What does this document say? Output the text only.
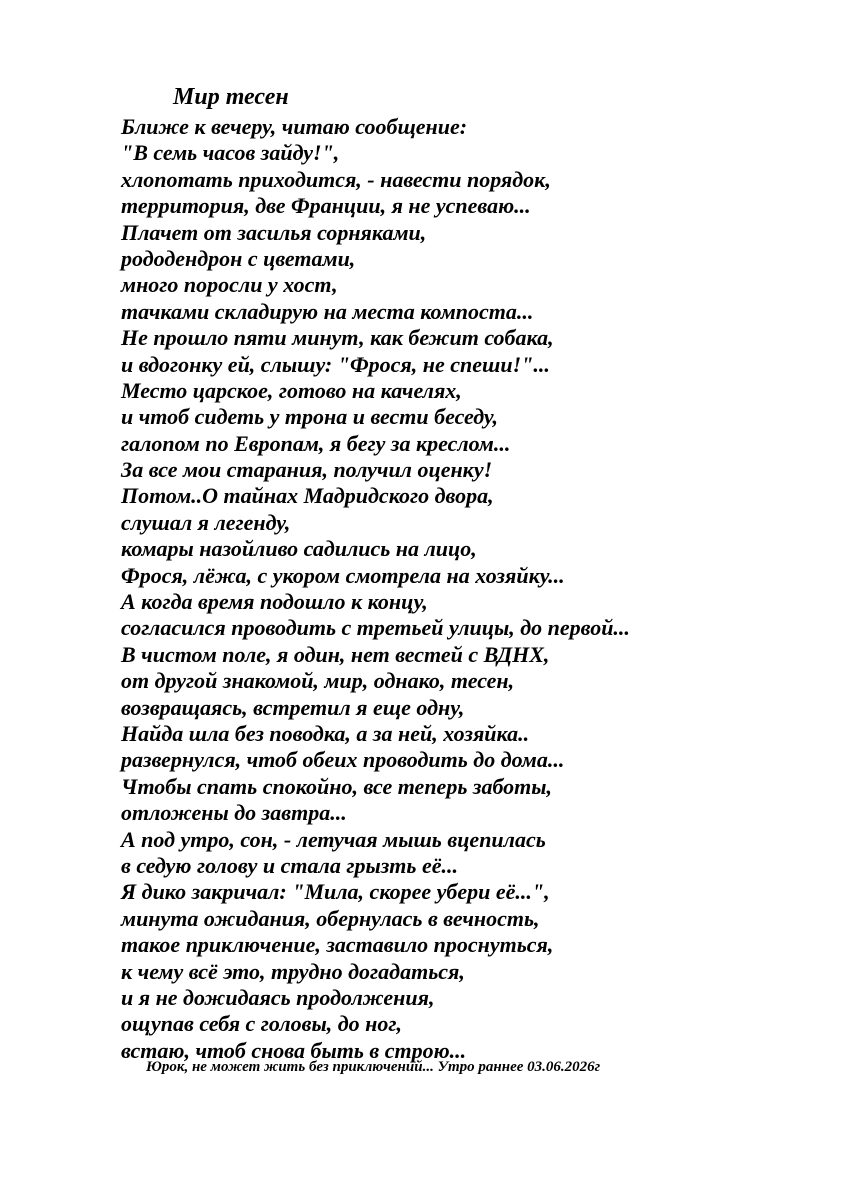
Мир тесен
Ближе к вечеру, читаю сообщение:
"В семь часов зайду!",
хлопотать приходится, - навести порядок,
территория, две Франции, я не успеваю...
Плачет от засилья сорняками,
рододендрон с цветами,
много поросли у хост,
тачками складирую на места компоста...
Не прошло пяти минут, как бежит собака,
и вдогонку ей, слышу: "Фрося, не спеши!"...
Место царское, готово на качелях,
и чтоб сидеть у трона и вести беседу,
галопом по Европам, я бегу за креслом...
За все мои старания, получил оценку!
Потом..О тайнах Мадридского двора,
слушал я легенду,
комары назойливо садились на лицо,
Фрося, лёжа, с укором смотрела на хозяйку...
А когда время подошло к концу,
согласился проводить с третьей улицы, до первой...
В чистом поле, я один, нет вестей с ВДНХ,
от другой знакомой, мир, однако, тесен,
возвращаясь, встретил я еще одну,
Найда шла без поводка, а за ней, хозяйка..
развернулся, чтоб обеих проводить до дома...
Чтобы спать спокойно, все теперь заботы,
отложены до завтра...
А под утро, сон, - летучая мышь вцепилась
в седую голову и стала грызть её...
Я дико закричал: "Мила, скорее убери её...",
минута ожидания, обернулась в вечность,
такое приключение, заставило проснуться,
к чему всё это, трудно догадаться,
и я не дожидаясь продолжения,
ощупав себя с головы, до ног,
встаю, чтоб снова быть в строю...
Юрок, не может жить без приключений... Утро раннее 03.06.2026г
